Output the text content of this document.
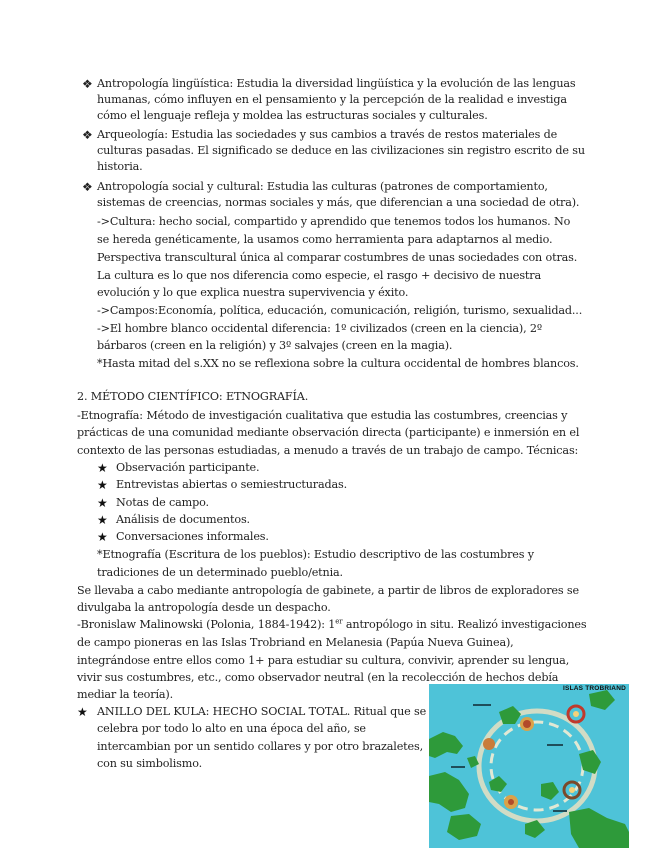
❖ Antropología lingüística: Estudia la diversidad lingüística y la evolución de las lenguas
humanas, cómo influyen en el pensamiento y la percepción de la realidad e investiga
cómo el lenguaje refleja y moldea las estructuras sociales y culturales.
❖ Arqueología: Estudia las sociedades y sus cambios a través de restos materiales de
culturas pasadas. El significado se deduce en las civilizaciones sin registro escrito de su
historia.
❖ Antropología social y cultural: Estudia las culturas (patrones de comportamiento,
sistemas de creencias, normas sociales y más, que diferencian a una sociedad de otra).
->Cultura: hecho social, compartido y aprendido que tenemos todos los humanos. No
se hereda genéticamente, la usamos como herramienta para adaptarnos al medio.
Perspectiva transcultural única al comparar costumbres de unas sociedades con otras.
La cultura es lo que nos diferencia como especie, el rasgo + decisivo de nuestra
evolución y lo que explica nuestra supervivencia y éxito.
->Campos:Economía, política, educación, comunicación, religión, turismo, sexualidad...
->El hombre blanco occidental diferencia: 1º civilizados (creen en la ciencia), 2º
bárbaros (creen en la religión) y 3º salvajes (creen en la magia).
*Hasta mitad del s.XX no se reflexiona sobre la cultura occidental de hombres blancos.
2. MÉTODO CIENTÍFICO: ETNOGRAFÍA.
-Etnografía: Método de investigación cualitativa que estudia las costumbres, creencias y
prácticas de una comunidad mediante observación directa (participante) e inmersión en el
contexto de las personas estudiadas, a menudo a través de un trabajo de campo. Técnicas:
★ Observación participante.
★ Entrevistas abiertas o semiestructuradas.
★ Notas de campo.
★ Análisis de documentos.
★ Conversaciones informales.
*Etnografía (Escritura de los pueblos): Estudio descriptivo de las costumbres y
tradiciones de un determinado pueblo/etnia.
Se llevaba a cabo mediante antropología de gabinete, a partir de libros de exploradores se
divulgaba la antropología desde un despacho.
-Bronislaw Malinowski (Polonia, 1884-1942): 1er antropólogo in situ. Realizó investigaciones
de campo pioneras en las Islas Trobriand en Melanesia (Papúa Nueva Guinea),
integrándose entre ellos como 1+ para estudiar su cultura, convivir, aprender su lengua,
vivir sus costumbres, etc., como observador neutral (en la recolección de hechos debía
mediar la teoría).
★ ANILLO DEL KULA: HECHO SOCIAL TOTAL. Ritual que se
celebra por todo lo alto en una época del año, se
intercambian por un sentido collares y por otro brazaletes,
con su simbolismo.
ISLAS TROBRIAND
